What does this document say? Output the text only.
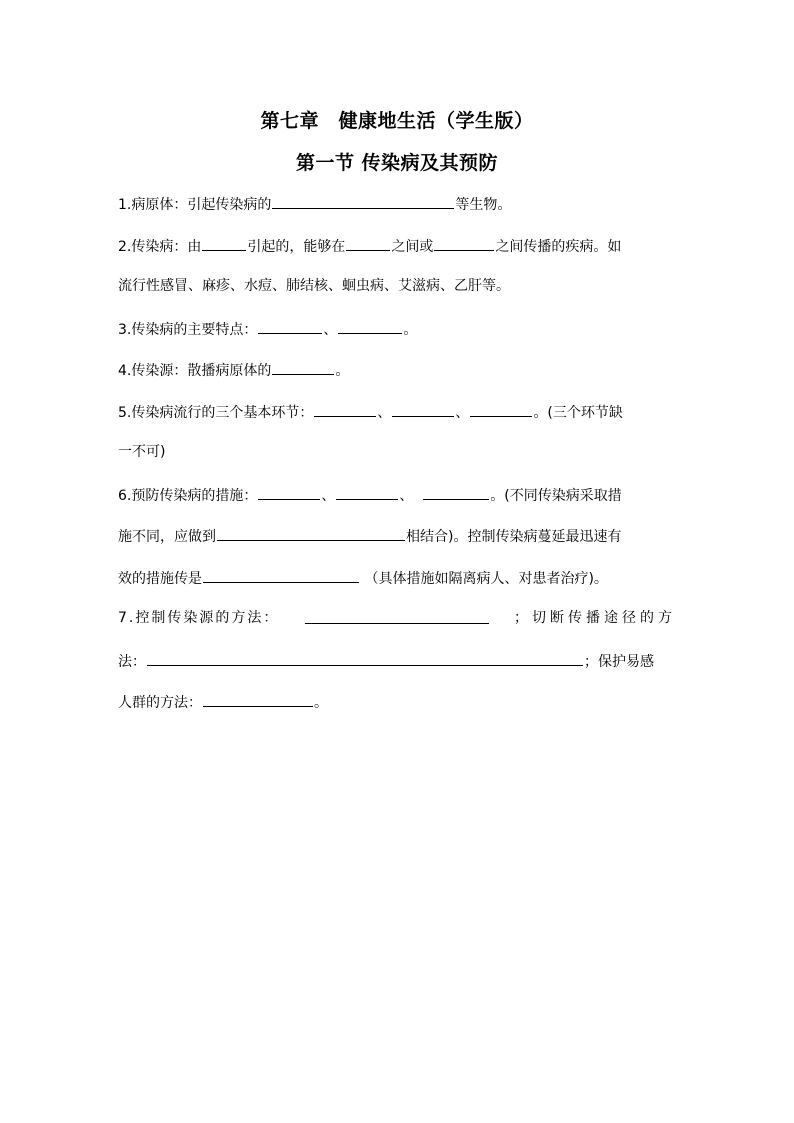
第七章　健康地生活（学生版）
第一节 传染病及其预防
1.病原体：引起传染病的	等生物。
2.传染病：由	引起的，能够在	之间或	之间传播的疾病。如
流行性感冒、麻疹、水痘、肺结核、蛔虫病、艾滋病、乙肝等。
3.传染病的主要特点：	、	。
4.传染源：散播病原体的	。
5.传染病流行的三个基本环节：	、	、	。(三个环节缺
一不可)
6.预防传染病的措施：	、	、	。(不同传染病采取措
施不同，应做到	相结合)。控制传染病蔓延最迅速有
效的措施传是	（具体措施如隔离病人、对患者治疗)。
7.控制传染源的方法：	；切断传播途径的方
法：	；保护易感
人群的方法：	。
